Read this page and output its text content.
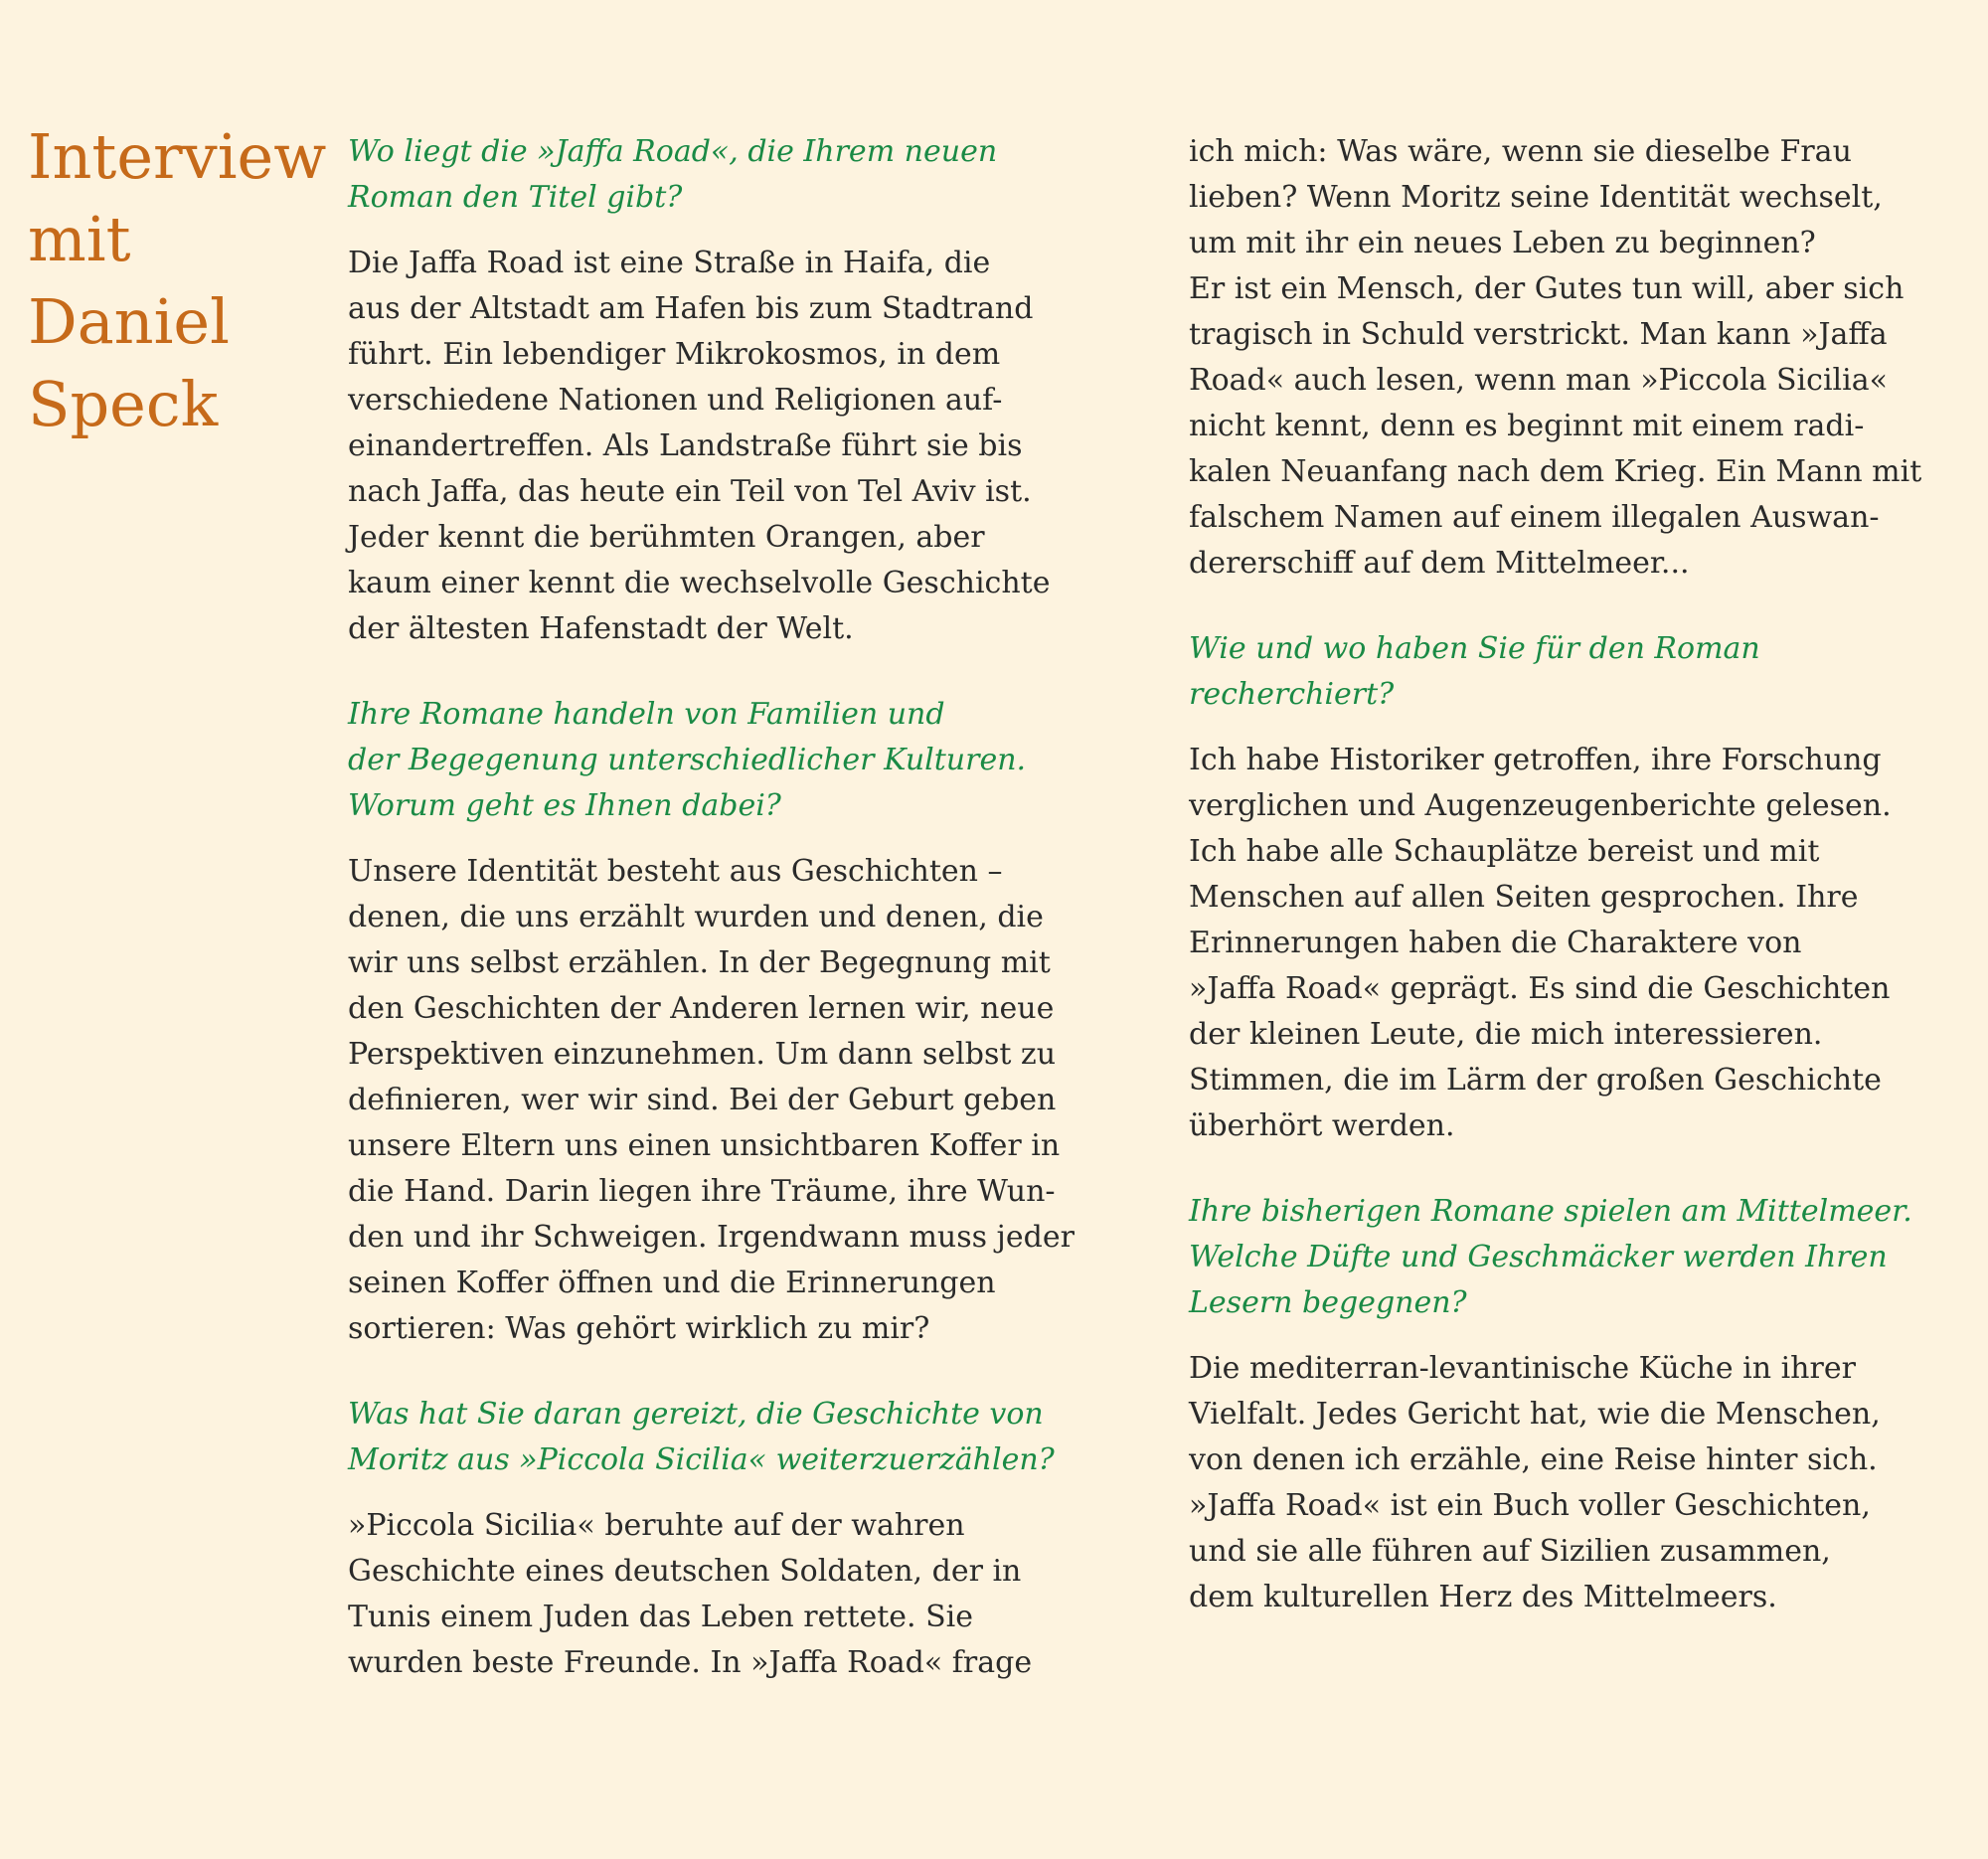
Interview
mit
Daniel
Speck

Wo liegt die »Jaffa Road«, die Ihrem neuen
Roman den Titel gibt?

Die Jaffa Road ist eine Straße in Haifa, die
aus der Altstadt am Hafen bis zum Stadtrand
führt. Ein lebendiger Mikrokosmos, in dem
verschiedene Nationen und Religionen auf-
einandertreffen. Als Landstraße führt sie bis
nach Jaffa, das heute ein Teil von Tel Aviv ist.
Jeder kennt die berühmten Orangen, aber
kaum einer kennt die wechselvolle Geschichte
der ältesten Hafenstadt der Welt.

Ihre Romane handeln von Familien und
der Begegenung unterschiedlicher Kulturen.
Worum geht es Ihnen dabei?

Unsere Identität besteht aus Geschichten –
denen, die uns erzählt wurden und denen, die
wir uns selbst erzählen. In der Begegnung mit
den Geschichten der Anderen lernen wir, neue
Perspektiven einzunehmen. Um dann selbst zu
definieren, wer wir sind. Bei der Geburt geben
unsere Eltern uns einen unsichtbaren Koffer in
die Hand. Darin liegen ihre Träume, ihre Wun-
den und ihr Schweigen. Irgendwann muss jeder
seinen Koffer öffnen und die Erinnerungen
sortieren: Was gehört wirklich zu mir?

Was hat Sie daran gereizt, die Geschichte von
Moritz aus »Piccola Sicilia« weiterzuerzählen?

»Piccola Sicilia« beruhte auf der wahren
Geschichte eines deutschen Soldaten, der in
Tunis einem Juden das Leben rettete. Sie
wurden beste Freunde. In »Jaffa Road« frage

ich mich: Was wäre, wenn sie dieselbe Frau
lieben? Wenn Moritz seine Identität wechselt,
um mit ihr ein neues Leben zu beginnen?
Er ist ein Mensch, der Gutes tun will, aber sich
tragisch in Schuld verstrickt. Man kann »Jaffa
Road« auch lesen, wenn man »Piccola Sicilia«
nicht kennt, denn es beginnt mit einem radi-
kalen Neuanfang nach dem Krieg. Ein Mann mit
falschem Namen auf einem illegalen Auswan-
dererschiff auf dem Mittelmeer...

Wie und wo haben Sie für den Roman
recherchiert?

Ich habe Historiker getroffen, ihre Forschung
verglichen und Augenzeugenberichte gelesen.
Ich habe alle Schauplätze bereist und mit
Menschen auf allen Seiten gesprochen. Ihre
Erinnerungen haben die Charaktere von
»Jaffa Road« geprägt. Es sind die Geschichten
der kleinen Leute, die mich interessieren.
Stimmen, die im Lärm der großen Geschichte
überhört werden.

Ihre bisherigen Romane spielen am Mittelmeer.
Welche Düfte und Geschmäcker werden Ihren
Lesern begegnen?

Die mediterran-levantinische Küche in ihrer
Vielfalt. Jedes Gericht hat, wie die Menschen,
von denen ich erzähle, eine Reise hinter sich.
»Jaffa Road« ist ein Buch voller Geschichten,
und sie alle führen auf Sizilien zusammen,
dem kulturellen Herz des Mittelmeers.
